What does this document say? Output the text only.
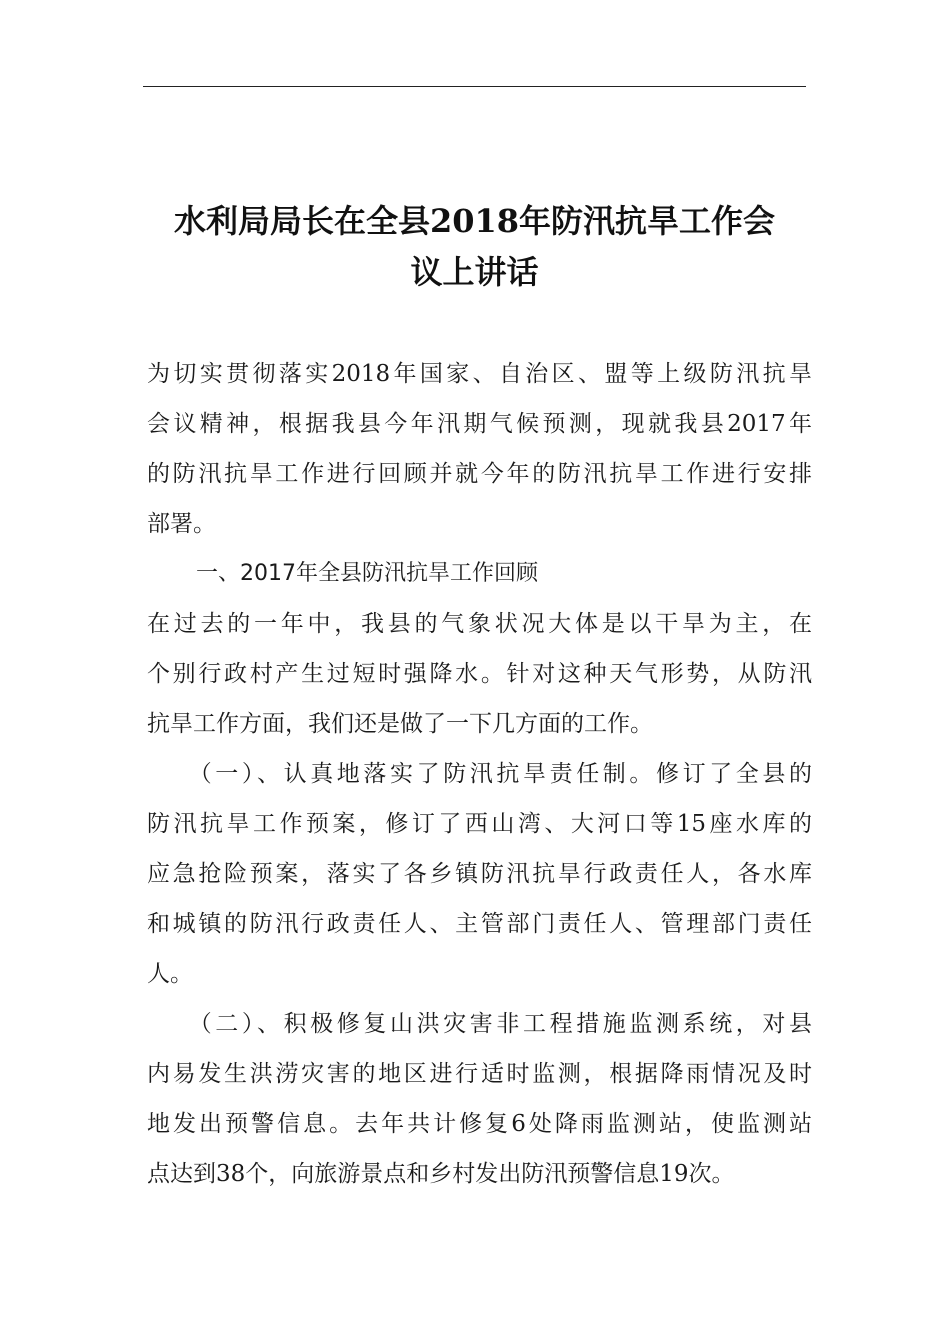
水利局局长在全县2018年防汛抗旱工作会
议上讲话
为切实贯彻落实2018年国家、自治区、盟等上级防汛抗旱
会议精神，根据我县今年汛期气候预测，现就我县2017年
的防汛抗旱工作进行回顾并就今年的防汛抗旱工作进行安排
部署。
一、2017年全县防汛抗旱工作回顾
在过去的一年中，我县的气象状况大体是以干旱为主，在
个别行政村产生过短时强降水。针对这种天气形势，从防汛
抗旱工作方面，我们还是做了一下几方面的工作。
　　（一）、认真地落实了防汛抗旱责任制。修订了全县的
防汛抗旱工作预案，修订了西山湾、大河口等15座水库的
应急抢险预案，落实了各乡镇防汛抗旱行政责任人，各水库
和城镇的防汛行政责任人、主管部门责任人、管理部门责任
人。
　　（二）、积极修复山洪灾害非工程措施监测系统，对县
内易发生洪涝灾害的地区进行适时监测，根据降雨情况及时
地发出预警信息。去年共计修复6处降雨监测站，使监测站
点达到38个，向旅游景点和乡村发出防汛预警信息19次。
